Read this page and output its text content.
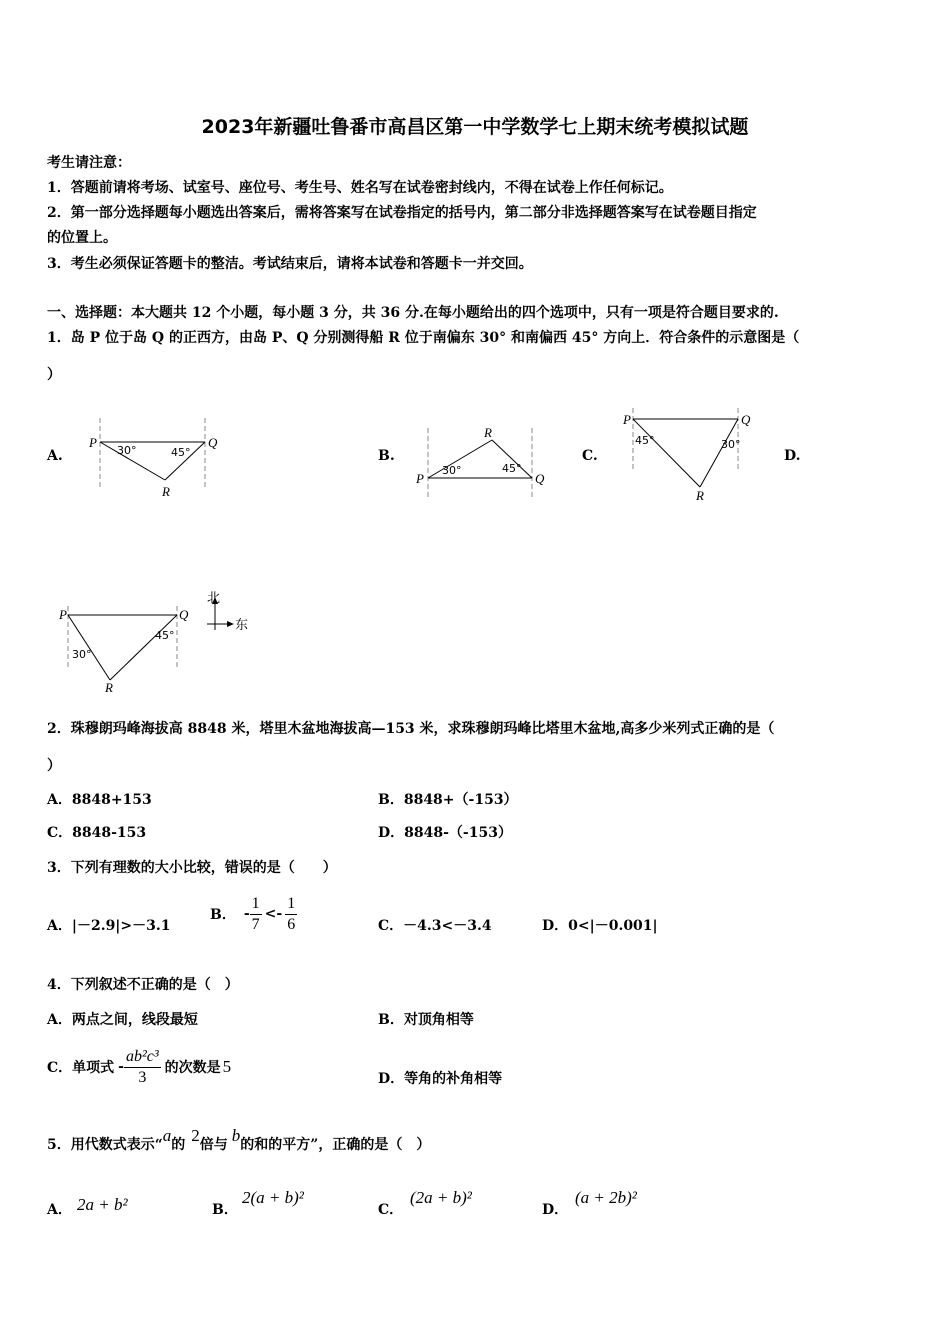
2023年新疆吐鲁番市高昌区第一中学数学七上期末统考模拟试题
考生请注意：
1．答题前请将考场、试室号、座位号、考生号、姓名写在试卷密封线内，不得在试卷上作任何标记。
2．第一部分选择题每小题选出答案后，需将答案写在试卷指定的括号内，第二部分非选择题答案写在试卷题目指定
的位置上。
3．考生必须保证答题卡的整洁。考试结束后，请将本试卷和答题卡一并交回。
一、选择题：本大题共 12 个小题，每小题 3 分，共 36 分.在每小题给出的四个选项中，只有一项是符合题目要求的.
1．岛 P 位于岛 Q 的正西方，由岛 P、Q 分别测得船 R 位于南偏东 30° 和南偏西 45° 方向上．符合条件的示意图是（
）
A.	B.	C.	D.
P	Q
R
30°	45°
P	Q
R
30°	45°
P	Q
R
45°	30°
P	Q
R
30°
45°
北
东
2．珠穆朗玛峰海拔高 8848 米，塔里木盆地海拔高—153 米，求珠穆朗玛峰比塔里木盆地,高多少米列式正确的是（
）
A．8848+153	B．8848+（-153）
C．8848-153	D．8848-（-153）
3．下列有理数的大小比较，错误的是（　　）
A．|－2.9|>－3.1
B． - $\frac{1}{7} <- \frac{1}{6}$	C．－4.3<－3.4	D．0<|－0.001|
4．下列叙述不正确的是（　）
A．两点之间，线段最短	B．对顶角相等
C．单项式 - $\frac{\text{ab²c³}}{3}$ 的次数是 5
D．等角的补角相等
5．用代数式表示“ a 的 2 倍与 b 的和的平方”，正确的是（　）
A． 2a + b²	B．
2(a + b)²
C．
(2a + b)²
D．
(a + 2b)²
